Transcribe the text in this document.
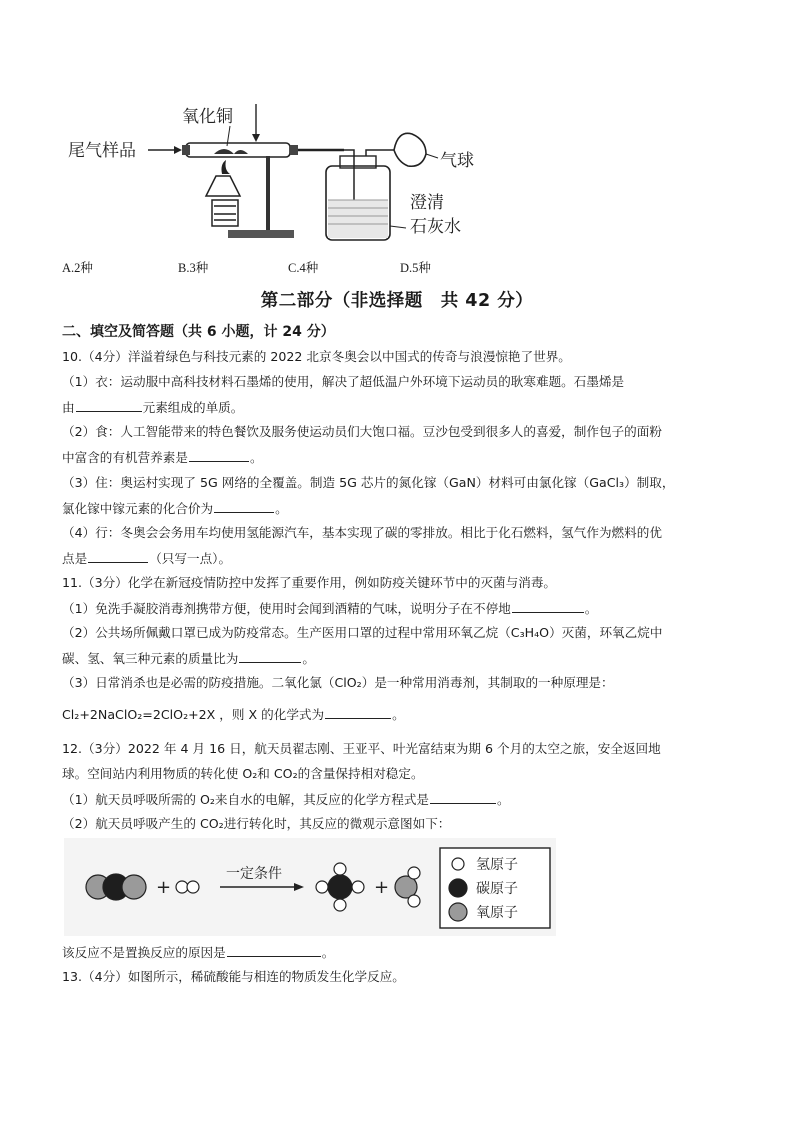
尾气样品
氧化铜
气球
澄清
石灰水
A.2种	B.3种	C.4种	D.5种
第二部分（非选择题　共 42 分）
二、填空及简答题（共 6 小题，计 24 分）
10.（4分）洋溢着绿色与科技元素的 2022 北京冬奥会以中国式的传奇与浪漫惊艳了世界。
（1）衣：运动服中高科技材料石墨烯的使用，解决了超低温户外环境下运动员的耿寒难题。石墨烯是
由	元素组成的单质。
（2）食：人工智能带来的特色餐饮及服务使运动员们大饱口福。豆沙包受到很多人的喜爱，制作包子的面粉
中富含的有机营养素是	。
（3）住：奥运村实现了 5G 网络的全覆盖。制造 5G 芯片的氮化镓（GaN）材料可由氯化镓（GaCl₃）制取，
氯化镓中镓元素的化合价为	。
（4）行：冬奥会会务用车均使用氢能源汽车，基本实现了碳的零排放。相比于化石燃料，氢气作为燃料的优
点是	（只写一点）。
11.（3分）化学在新冠疫情防控中发挥了重要作用，例如防疫关键环节中的灭菌与消毒。
（1）免洗手凝胶消毒剂携带方便，使用时会闻到酒精的气味，说明分子在不停地	。
（2）公共场所佩戴口罩已成为防疫常态。生产医用口罩的过程中常用环氧乙烷（C₃H₄O）灭菌，环氧乙烷中
碳、氢、氧三种元素的质量比为	。
（3）日常消杀也是必需的防疫措施。二氧化氯（ClO₂）是一种常用消毒剂，其制取的一种原理是：
Cl₂+2NaClO₂=2ClO₂+2X ，则 X 的化学式为	。
12.（3分）2022 年 4 月 16 日，航天员翟志刚、王亚平、叶光富结束为期 6 个月的太空之旅，安全返回地
球。空间站内利用物质的转化使 O₂和 CO₂的含量保持相对稳定。
（1）航天员呼吸所需的 O₂来自水的电解，其反应的化学方程式是	。
（2）航天员呼吸产生的 CO₂进行转化时，其反应的微观示意图如下：
+
一定条件
+
氢原子
碳原子
氧原子
该反应不是置换反应的原因是	。
13.（4分）如图所示，稀硫酸能与相连的物质发生化学反应。
